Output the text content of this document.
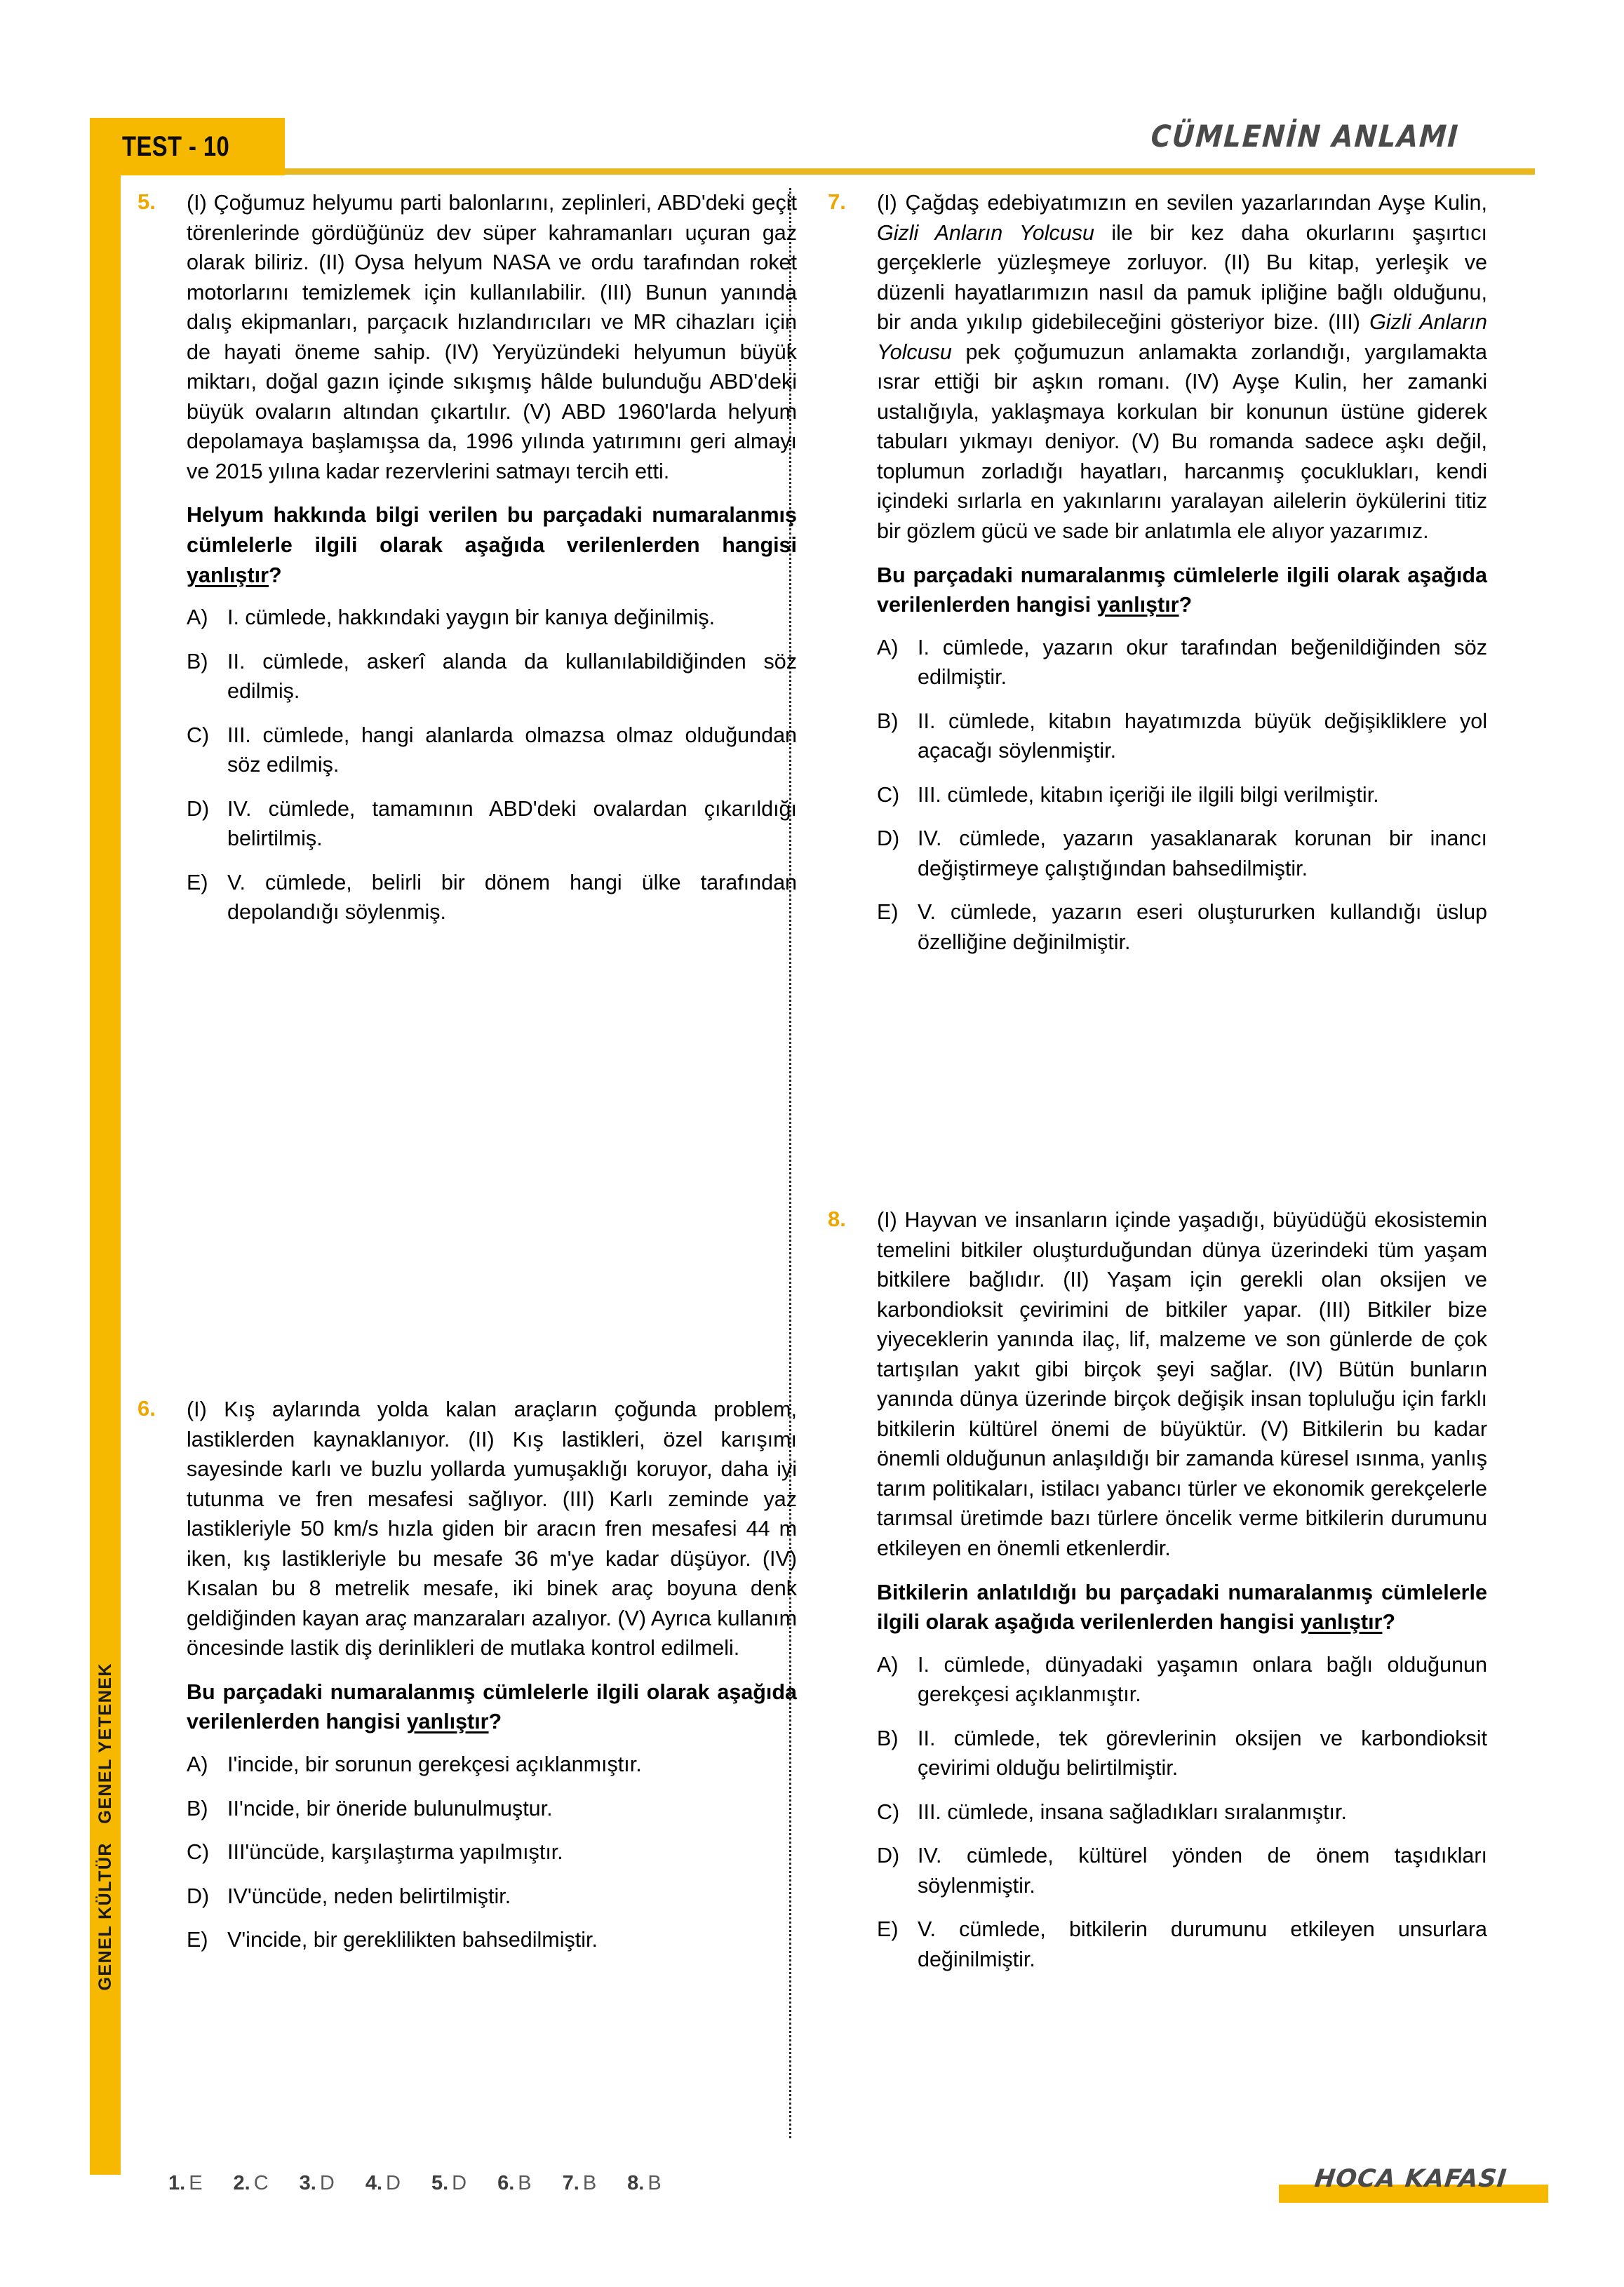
GENEL YETENEK
GENEL KÜLTÜR
TEST - 10	CÜMLENİN ANLAMI
5.	(I) Çoğumuz helyumu parti balonlarını, zeplinleri, ABD'deki geçit törenlerinde gördüğünüz dev süper kahramanları uçuran gaz olarak biliriz. (II) Oysa helyum NASA ve ordu tarafından roket motorlarını temizlemek için kullanılabilir. (III) Bunun yanında dalış ekipmanları, parçacık hızlandırıcıları ve MR cihazları için de hayati öneme sahip. (IV) Yeryüzündeki helyumun büyük miktarı, doğal gazın içinde sıkışmış hâlde bulunduğu ABD'deki büyük ovaların altından çıkartılır. (V) ABD 1960'larda helyum depolamaya başlamışsa da, 1996 yılında yatırımını geri almayı ve 2015 yılına kadar rezervlerini satmayı tercih etti.
Helyum hakkında bilgi verilen bu parçadaki numaralanmış cümlelerle ilgili olarak aşağıda verilenlerden hangisi yanlıştır?
A) I. cümlede, hakkındaki yaygın bir kanıya değinilmiş.
B) II. cümlede, askerî alanda da kullanılabildiğinden söz edilmiş.
C) III. cümlede, hangi alanlarda olmazsa olmaz olduğundan söz edilmiş.
D) IV. cümlede, tamamının ABD'deki ovalardan çıkarıldığı belirtilmiş.
E) V. cümlede, belirli bir dönem hangi ülke tarafından depolandığı söylenmiş.
6.	(I) Kış aylarında yolda kalan araçların çoğunda problem, lastiklerden kaynaklanıyor. (II) Kış lastikleri, özel karışımı sayesinde karlı ve buzlu yollarda yumuşaklığı koruyor, daha iyi tutunma ve fren mesafesi sağlıyor. (III) Karlı zeminde yaz lastikleriyle 50 km/s hızla giden bir aracın fren mesafesi 44 m iken, kış lastikleriyle bu mesafe 36 m'ye kadar düşüyor. (IV) Kısalan bu 8 metrelik mesafe, iki binek araç boyuna denk geldiğinden kayan araç manzaraları azalıyor. (V) Ayrıca kullanım öncesinde lastik diş derinlikleri de mutlaka kontrol edilmeli.
Bu parçadaki numaralanmış cümlelerle ilgili olarak aşağıda verilenlerden hangisi yanlıştır?
A) I'incide, bir sorunun gerekçesi açıklanmıştır.
B) II'ncide, bir öneride bulunulmuştur.
C) III'üncüde, karşılaştırma yapılmıştır.
D) IV'üncüde, neden belirtilmiştir.
E) V'incide, bir gereklilikten bahsedilmiştir.
7.	(I) Çağdaş edebiyatımızın en sevilen yazarlarından Ayşe Kulin, Gizli Anların Yolcusu ile bir kez daha okurlarını şaşırtıcı gerçeklerle yüzleşmeye zorluyor. (II) Bu kitap, yerleşik ve düzenli hayatlarımızın nasıl da pamuk ipliğine bağlı olduğunu, bir anda yıkılıp gidebileceğini gösteriyor bize. (III) Gizli Anların Yolcusu pek çoğumuzun anlamakta zorlandığı, yargılamakta ısrar ettiği bir aşkın romanı. (IV) Ayşe Kulin, her zamanki ustalığıyla, yaklaşmaya korkulan bir konunun üstüne giderek tabuları yıkmayı deniyor. (V) Bu romanda sadece aşkı değil, toplumun zorladığı hayatları, harcanmış çocuklukları, kendi içindeki sırlarla en yakınlarını yaralayan ailelerin öykülerini titiz bir gözlem gücü ve sade bir anlatımla ele alıyor yazarımız.
Bu parçadaki numaralanmış cümlelerle ilgili olarak aşağıda verilenlerden hangisi yanlıştır?
A) I. cümlede, yazarın okur tarafından beğenildiğinden söz edilmiştir.
B) II. cümlede, kitabın hayatımızda büyük değişikliklere yol açacağı söylenmiştir.
C) III. cümlede, kitabın içeriği ile ilgili bilgi verilmiştir.
D) IV. cümlede, yazarın yasaklanarak korunan bir inancı değiştirmeye çalıştığından bahsedilmiştir.
E) V. cümlede, yazarın eseri oluştururken kullandığı üslup özelliğine değinilmiştir.
8.	(I) Hayvan ve insanların içinde yaşadığı, büyüdüğü ekosistemin temelini bitkiler oluşturduğundan dünya üzerindeki tüm yaşam bitkilere bağlıdır. (II) Yaşam için gerekli olan oksijen ve karbondioksit çevirimini de bitkiler yapar. (III) Bitkiler bize yiyeceklerin yanında ilaç, lif, malzeme ve son günlerde de çok tartışılan yakıt gibi birçok şeyi sağlar. (IV) Bütün bunların yanında dünya üzerinde birçok değişik insan topluluğu için farklı bitkilerin kültürel önemi de büyüktür. (V) Bitkilerin bu kadar önemli olduğunun anlaşıldığı bir zamanda küresel ısınma, yanlış tarım politikaları, istilacı yabancı türler ve ekonomik gerekçelerle tarımsal üretimde bazı türlere öncelik verme bitkilerin durumunu etkileyen en önemli etkenlerdir.
Bitkilerin anlatıldığı bu parçadaki numaralanmış cümlelerle ilgili olarak aşağıda verilenlerden hangisi yanlıştır?
A) I. cümlede, dünyadaki yaşamın onlara bağlı olduğunun gerekçesi açıklanmıştır.
B) II. cümlede, tek görevlerinin oksijen ve karbondioksit çevirimi olduğu belirtilmiştir.
C) III. cümlede, insana sağladıkları sıralanmıştır.
D) IV. cümlede, kültürel yönden de önem taşıdıkları söylenmiştir.
E) V. cümlede, bitkilerin durumunu etkileyen unsurlara değinilmiştir.
1. E 2. C 3. D 4. D 5. D 6. B 7. B 8. B	HOCA KAFASI
